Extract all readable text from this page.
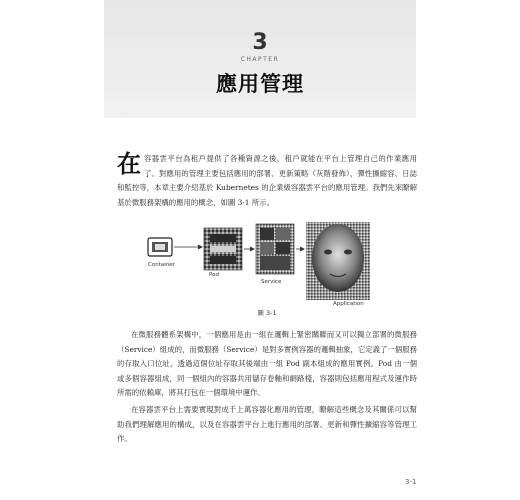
3
CHAPTER
應用管理

在容器雲平台為租戶提供了各種資源之後，租戶就能在平台上管理自己的作業應用了。對應用的管理主要包括應用的部署、更新策略（灰階發佈）、彈性擴縮容、日誌和監控等，本章主要介紹基於 Kubernetes 的企業級容器雲平台的應用管理。我們先來瞭解基於微服務架構的應用的概念，如圖 3-1 所示。

Container
Pod
Service
Application
圖 3-1

在微服務體系架構中，一個應用是由一組在邏輯上緊密關聯而又可以獨立部署的微服務（Service）組成的，而微服務（Service）是對多實例容器的邏輯抽象，它定義了一個服務的存取入口位址，透過這個位址存取其後端由一組 Pod 副本組成的應用實例。Pod 由一個或多個容器組成，同一個組內的容器共用儲存卷軸和網路棧，容器則包括應用程式及運作時所需的依賴庫，將其打包在一個環境中運作。

在容器雲平台上需要實現對成千上萬容器化應用的管理，瞭解這些概念及其關係可以幫助我們理解應用的構成，以及在容器雲平台上進行應用的部署、更新和彈性擴縮容等管理工作。

3-1
